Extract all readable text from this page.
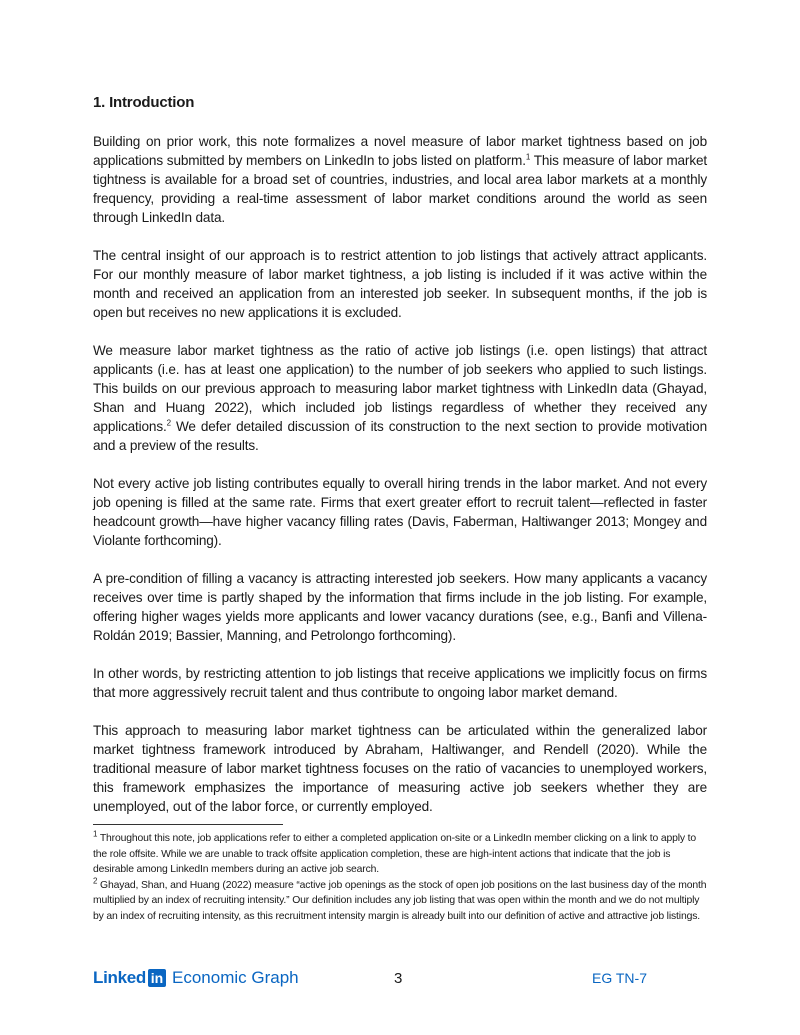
1. Introduction

Building on prior work, this note formalizes a novel measure of labor market tightness based on job applications submitted by members on LinkedIn to jobs listed on platform.$^1$ This measure of labor market tightness is available for a broad set of countries, industries, and local area labor markets at a monthly frequency, providing a real-time assessment of labor market conditions around the world as seen through LinkedIn data.

The central insight of our approach is to restrict attention to job listings that actively attract applicants. For our monthly measure of labor market tightness, a job listing is included if it was active within the month and received an application from an interested job seeker. In subsequent months, if the job is open but receives no new applications it is excluded.

We measure labor market tightness as the ratio of active job listings (i.e. open listings) that attract applicants (i.e. has at least one application) to the number of job seekers who applied to such listings. This builds on our previous approach to measuring labor market tightness with LinkedIn data (Ghayad, Shan and Huang 2022), which included job listings regardless of whether they received any applications.$^2$ We defer detailed discussion of its construction to the next section to provide motivation and a preview of the results.

Not every active job listing contributes equally to overall hiring trends in the labor market. And not every job opening is filled at the same rate. Firms that exert greater effort to recruit talent—reflected in faster headcount growth—have higher vacancy filling rates (Davis, Faberman, Haltiwanger 2013; Mongey and Violante forthcoming).

A pre-condition of filling a vacancy is attracting interested job seekers. How many applicants a vacancy receives over time is partly shaped by the information that firms include in the job listing. For example, offering higher wages yields more applicants and lower vacancy durations (see, e.g., Banfi and Villena-Roldán 2019; Bassier, Manning, and Petrolongo forthcoming).

In other words, by restricting attention to job listings that receive applications we implicitly focus on firms that more aggressively recruit talent and thus contribute to ongoing labor market demand.

This approach to measuring labor market tightness can be articulated within the generalized labor market tightness framework introduced by Abraham, Haltiwanger, and Rendell (2020). While the traditional measure of labor market tightness focuses on the ratio of vacancies to unemployed workers, this framework emphasizes the importance of measuring active job seekers whether they are unemployed, out of the labor force, or currently employed.

$^1$ Throughout this note, job applications refer to either a completed application on-site or a LinkedIn member clicking on a link to apply to the role offsite. While we are unable to track offsite application completion, these are high-intent actions that indicate that the job is desirable among LinkedIn members during an active job search.

$^2$ Ghayad, Shan, and Huang (2022) measure “active job openings as the stock of open job positions on the last business day of the month multiplied by an index of recruiting intensity.” Our definition includes any job listing that was open within the month and we do not multiply by an index of recruiting intensity, as this recruitment intensity margin is already built into our definition of active and attractive job listings.

Linked in Economic Graph	3	EG TN-7
